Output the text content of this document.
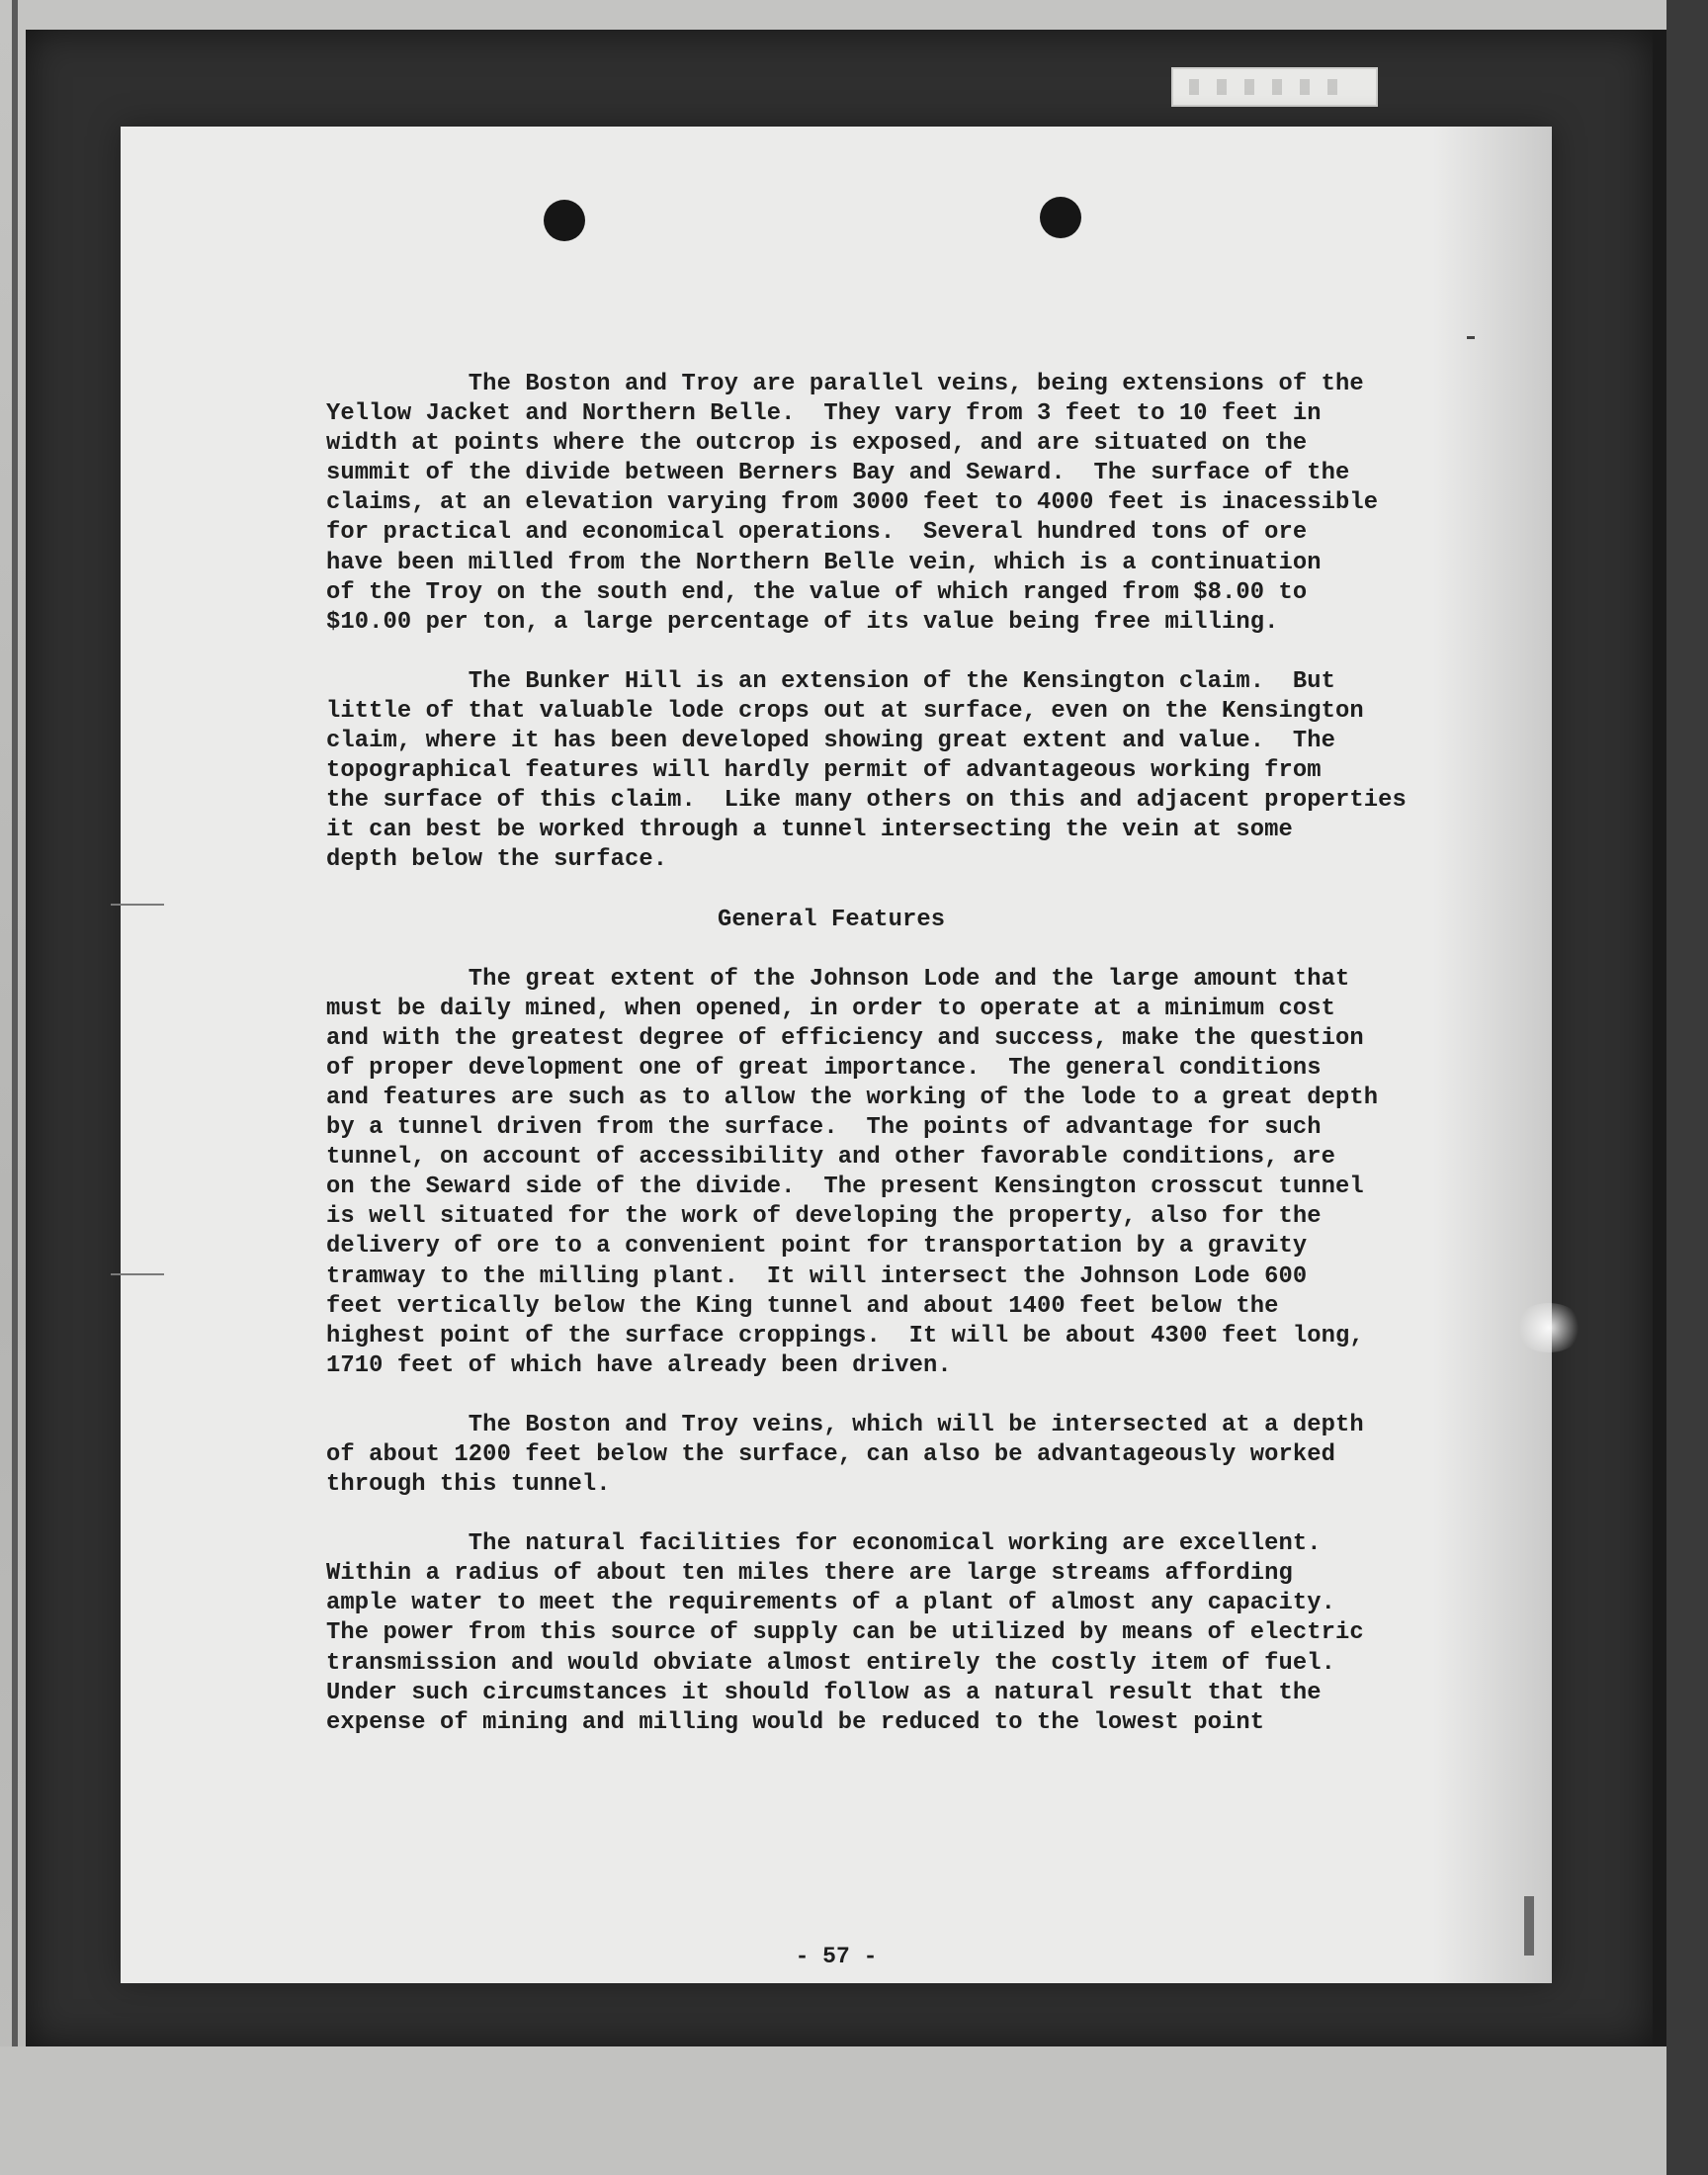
The Boston and Troy are parallel veins, being extensions of the
Yellow Jacket and Northern Belle.  They vary from 3 feet to 10 feet in
width at points where the outcrop is exposed, and are situated on the
summit of the divide between Berners Bay and Seward.  The surface of the
claims, at an elevation varying from 3000 feet to 4000 feet is inacessible
for practical and economical operations.  Several hundred tons of ore
have been milled from the Northern Belle vein, which is a continuation
of the Troy on the south end, the value of which ranged from $8.00 to
$10.00 per ton, a large percentage of its value being free milling.
The Bunker Hill is an extension of the Kensington claim.  But
little of that valuable lode crops out at surface, even on the Kensington
claim, where it has been developed showing great extent and value.  The
topographical features will hardly permit of advantageous working from
the surface of this claim.  Like many others on this and adjacent properties
it can best be worked through a tunnel intersecting the vein at some
depth below the surface.
General Features
The great extent of the Johnson Lode and the large amount that
must be daily mined, when opened, in order to operate at a minimum cost
and with the greatest degree of efficiency and success, make the question
of proper development one of great importance.  The general conditions
and features are such as to allow the working of the lode to a great depth
by a tunnel driven from the surface.  The points of advantage for such
tunnel, on account of accessibility and other favorable conditions, are
on the Seward side of the divide.  The present Kensington crosscut tunnel
is well situated for the work of developing the property, also for the
delivery of ore to a convenient point for transportation by a gravity
tramway to the milling plant.  It will intersect the Johnson Lode 600
feet vertically below the King tunnel and about 1400 feet below the
highest point of the surface croppings.  It will be about 4300 feet long,
1710 feet of which have already been driven.
The Boston and Troy veins, which will be intersected at a depth
of about 1200 feet below the surface, can also be advantageously worked
through this tunnel.
The natural facilities for economical working are excellent.
Within a radius of about ten miles there are large streams affording
ample water to meet the requirements of a plant of almost any capacity.
The power from this source of supply can be utilized by means of electric
transmission and would obviate almost entirely the costly item of fuel.
Under such circumstances it should follow as a natural result that the
expense of mining and milling would be reduced to the lowest point
- 57 -
